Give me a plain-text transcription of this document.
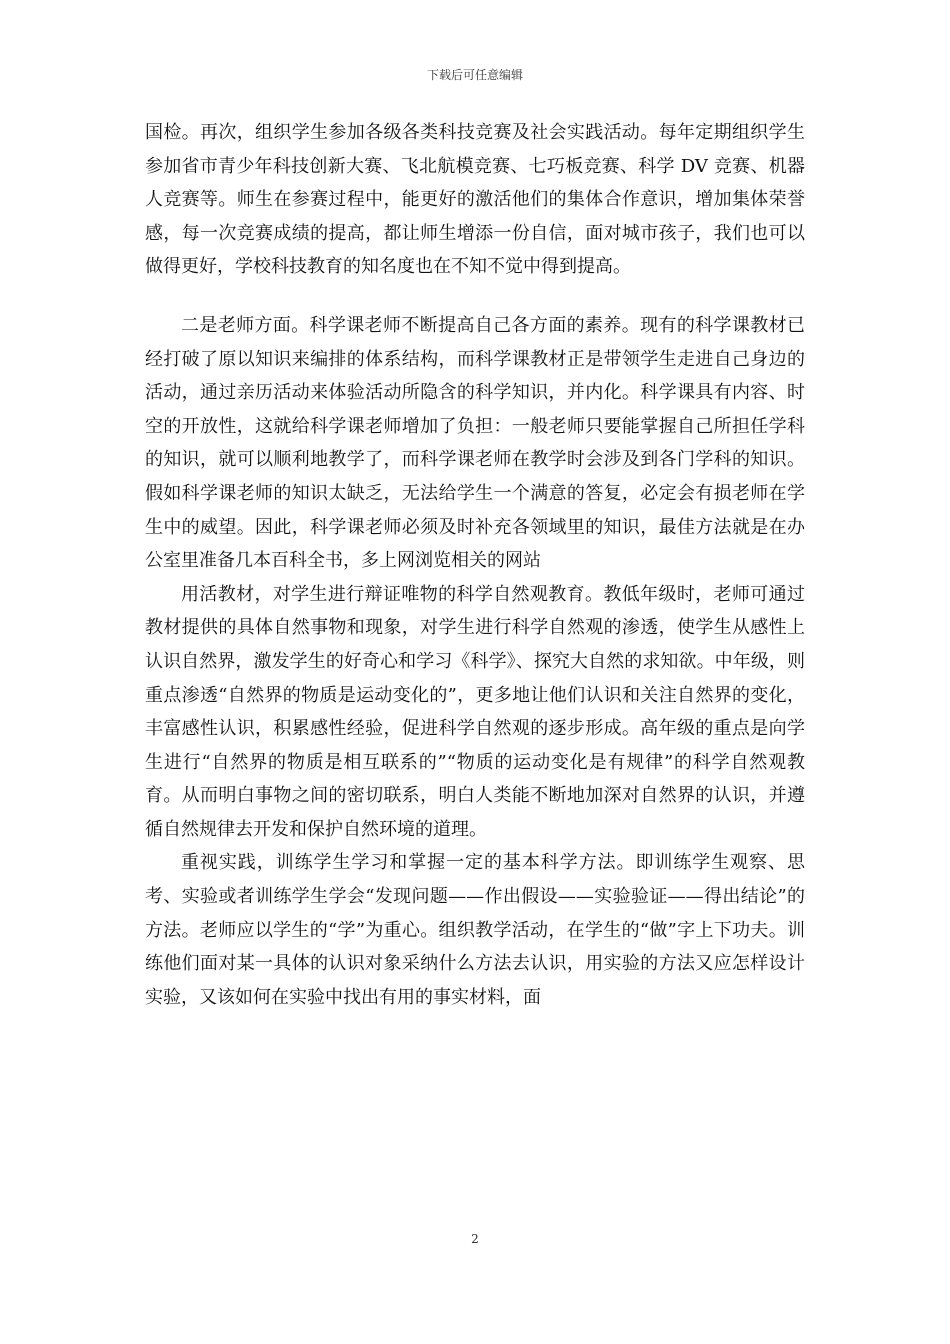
下载后可任意编辑

国检。再次，组织学生参加各级各类科技竞赛及社会实践活动。每年定期组织学生参加省市青少年科技创新大赛、飞北航模竞赛、七巧板竞赛、科学 DV 竞赛、机器人竞赛等。师生在参赛过程中，能更好的激活他们的集体合作意识，增加集体荣誉感，每一次竞赛成绩的提高，都让师生增添一份自信，面对城市孩子，我们也可以做得更好，学校科技教育的知名度也在不知不觉中得到提高。

二是老师方面。科学课老师不断提高自己各方面的素养。现有的科学课教材已经打破了原以知识来编排的体系结构，而科学课教材正是带领学生走进自己身边的活动，通过亲历活动来体验活动所隐含的科学知识，并内化。科学课具有内容、时空的开放性，这就给科学课老师增加了负担：一般老师只要能掌握自己所担任学科的知识，就可以顺利地教学了，而科学课老师在教学时会涉及到各门学科的知识。假如科学课老师的知识太缺乏，无法给学生一个满意的答复，必定会有损老师在学生中的威望。因此，科学课老师必须及时补充各领域里的知识，最佳方法就是在办公室里准备几本百科全书，多上网浏览相关的网站

用活教材，对学生进行辩证唯物的科学自然观教育。教低年级时，老师可通过教材提供的具体自然事物和现象，对学生进行科学自然观的渗透，使学生从感性上认识自然界，激发学生的好奇心和学习《科学》、探究大自然的求知欲。中年级，则重点渗透“自然界的物质是运动变化的”，更多地让他们认识和关注自然界的变化，丰富感性认识，积累感性经验，促进科学自然观的逐步形成。高年级的重点是向学生进行“自然界的物质是相互联系的”“物质的运动变化是有规律”的科学自然观教育。从而明白事物之间的密切联系，明白人类能不断地加深对自然界的认识，并遵循自然规律去开发和保护自然环境的道理。

重视实践，训练学生学习和掌握一定的基本科学方法。即训练学生观察、思考、实验或者训练学生学会“发现问题——作出假设——实验验证——得出结论”的方法。老师应以学生的“学”为重心。组织教学活动，在学生的“做”字上下功夫。训练他们面对某一具体的认识对象采纳什么方法去认识，用实验的方法又应怎样设计实验，又该如何在实验中找出有用的事实材料，面

2
